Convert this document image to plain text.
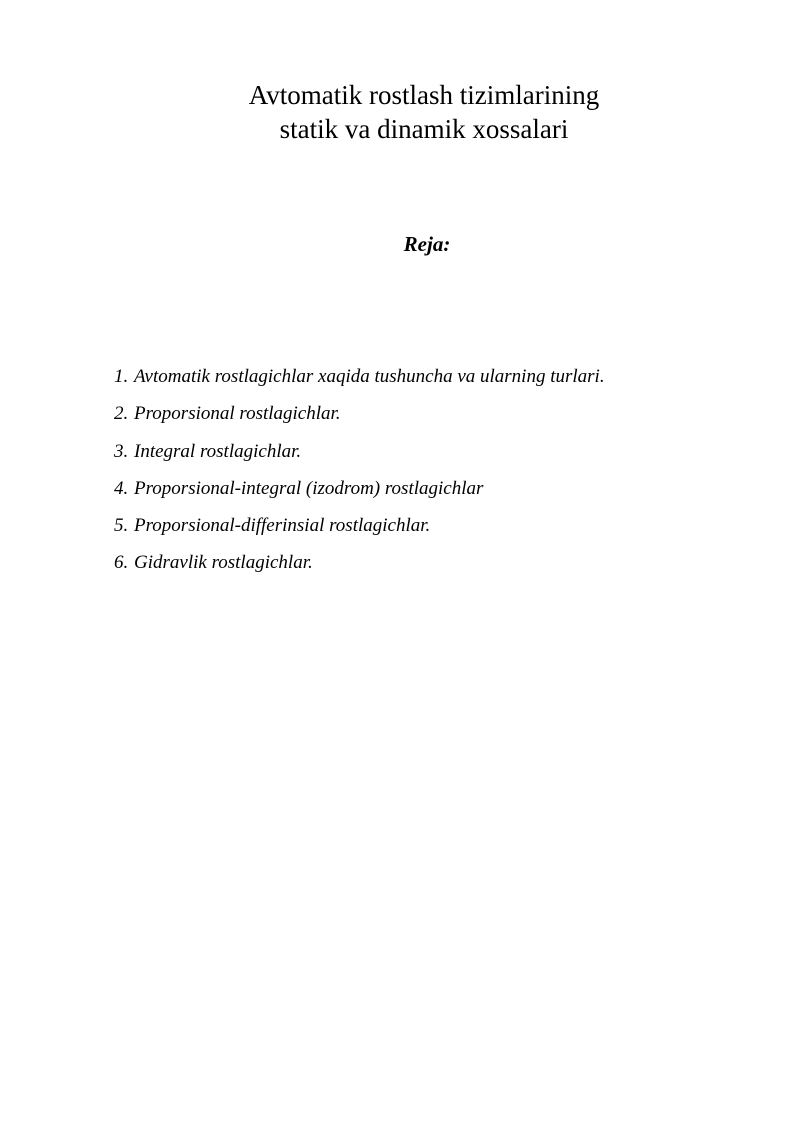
Avtomatik rostlash tizimlarining
statik va dinamik xossalari
Reja:
1. Avtomatik rostlagichlar xaqida tushuncha va ularning turlari.
2. Proporsional rostlagichlar.
3. Integral rostlagichlar.
4. Proporsional-integral (izodrom) rostlagichlar
5. Proporsional-differinsial rostlagichlar.
6. Gidravlik rostlagichlar.
